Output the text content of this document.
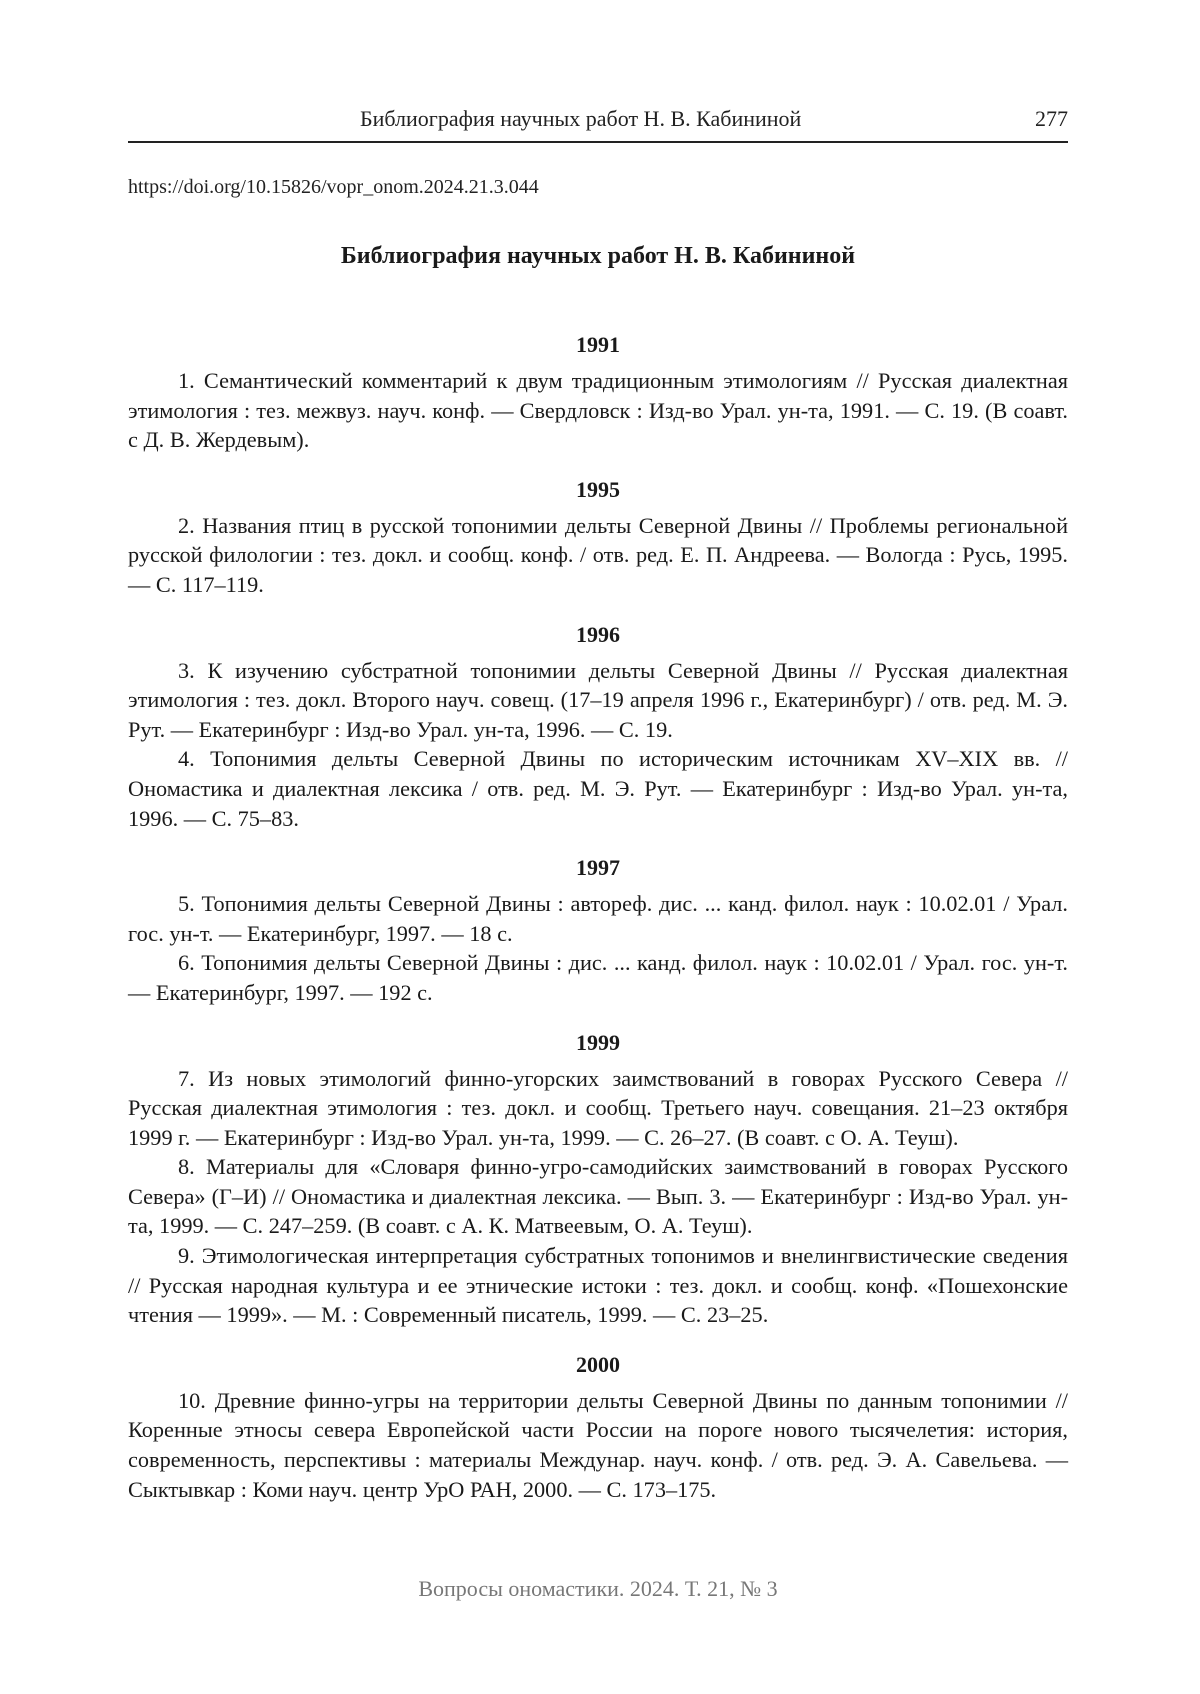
Библиография научных работ Н. В. Кабининой	277
https://doi.org/10.15826/vopr_onom.2024.21.3.044
Библиография научных работ Н. В. Кабининой
1991

1. Семантический комментарий к двум традиционным этимологиям // Русская диалектная этимология : тез. межвуз. науч. конф. — Свердловск : Изд-во Урал. ун-та, 1991. — С. 19. (В соавт. с Д. В. Жердевым).

1995

2. Названия птиц в русской топонимии дельты Северной Двины // Проблемы региональной русской филологии : тез. докл. и сообщ. конф. / отв. ред. Е. П. Андреева. — Вологда : Русь, 1995. — С. 117–119.

1996

3. К изучению субстратной топонимии дельты Северной Двины // Русская диалектная этимология : тез. докл. Второго науч. совещ. (17–19 апреля 1996 г., Екатеринбург) / отв. ред. М. Э. Рут. — Екатеринбург : Изд-во Урал. ун-та, 1996. — С. 19.

4. Топонимия дельты Северной Двины по историческим источникам XV–XIX вв. // Ономастика и диалектная лексика / отв. ред. М. Э. Рут. — Екатеринбург : Изд-во Урал. ун-та, 1996. — С. 75–83.

1997

5. Топонимия дельты Северной Двины : автореф. дис. ... канд. филол. наук : 10.02.01 / Урал. гос. ун-т. — Екатеринбург, 1997. — 18 с.

6. Топонимия дельты Северной Двины : дис. ... канд. филол. наук : 10.02.01 / Урал. гос. ун-т. — Екатеринбург, 1997. — 192 с.

1999

7. Из новых этимологий финно-угорских заимствований в говорах Русского Севера // Русская диалектная этимология : тез. докл. и сообщ. Третьего науч. совещания. 21–23 октября 1999 г. — Екатеринбург : Изд-во Урал. ун-та, 1999. — С. 26–27. (В соавт. с О. А. Теуш).

8. Материалы для «Словаря финно-угро-самодийских заимствований в говорах Русского Севера» (Г–И) // Ономастика и диалектная лексика. — Вып. 3. — Екатеринбург : Изд-во Урал. ун-та, 1999. — С. 247–259. (В соавт. с А. К. Матвеевым, О. А. Теуш).

9. Этимологическая интерпретация субстратных топонимов и внелингвистические сведения // Русская народная культура и ее этнические истоки : тез. докл. и сообщ. конф. «Пошехонские чтения — 1999». — М. : Современный писатель, 1999. — С. 23–25.

2000

10. Древние финно-угры на территории дельты Северной Двины по данным топонимии // Коренные этносы севера Европейской части России на пороге нового тысячелетия: история, современность, перспективы : материалы Междунар. науч. конф. / отв. ред. Э. А. Савельева. — Сыктывкар : Коми науч. центр УрО РАН, 2000. — С. 173–175.

Вопросы ономастики. 2024. Т. 21, № 3
